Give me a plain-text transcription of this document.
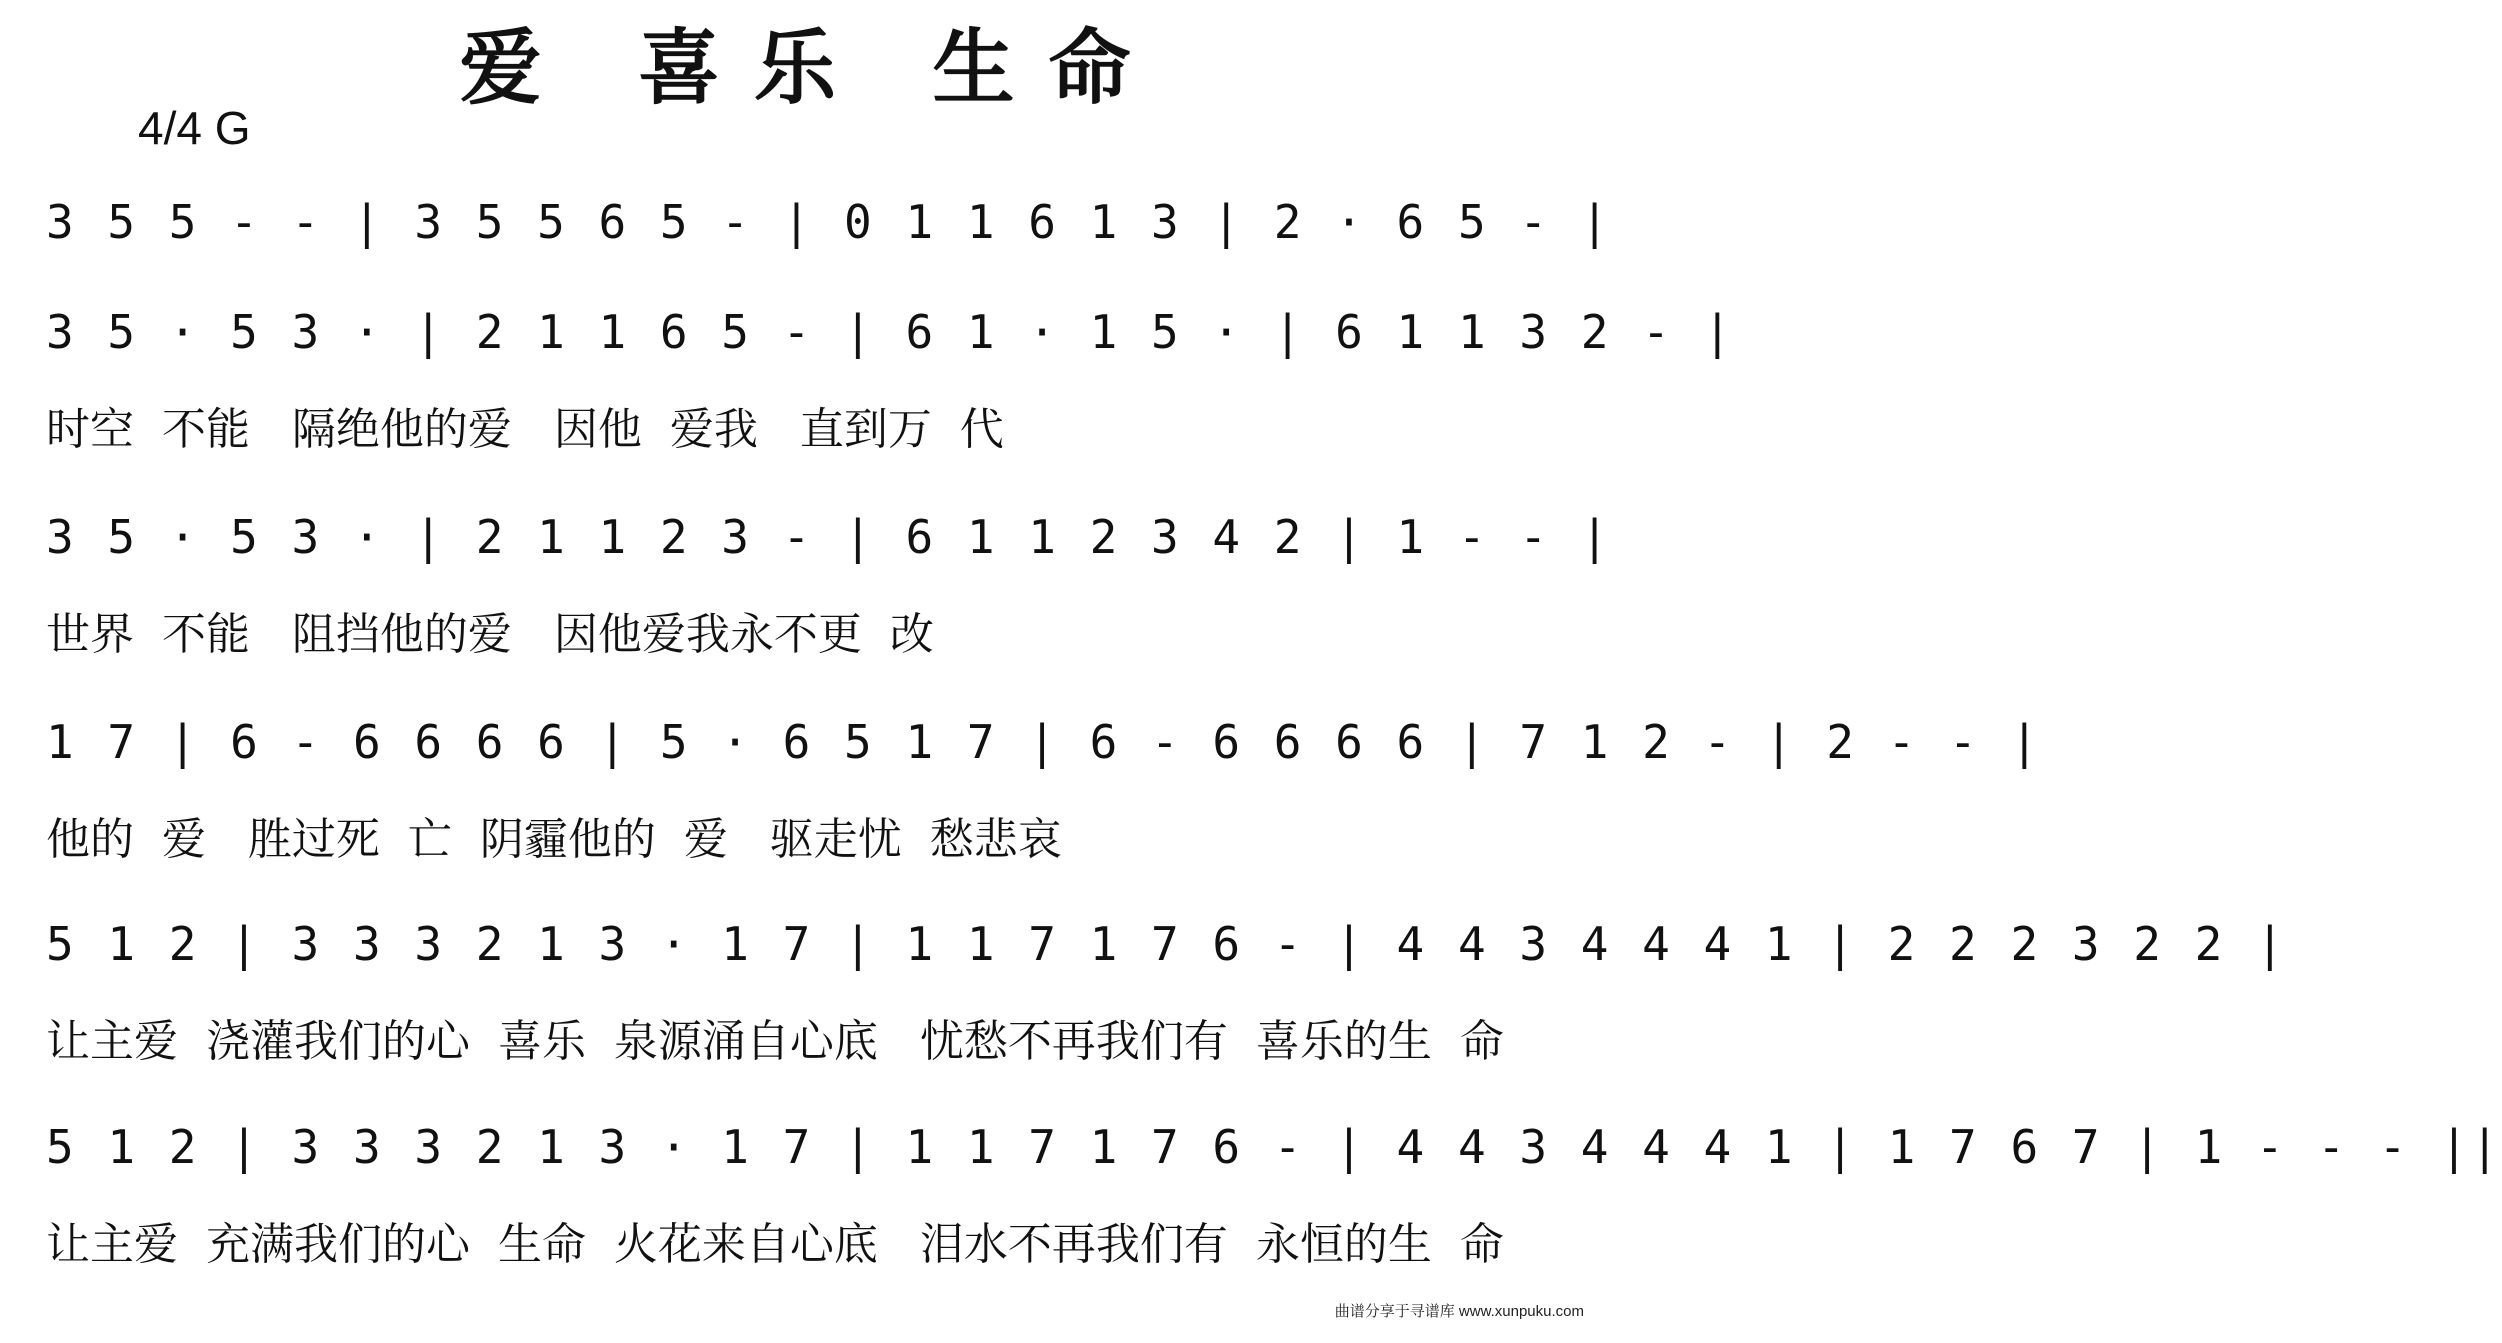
爱 喜乐 生命
4/4 G
3 5 5 - - | 3 5 5 6 5 - | 0 1 1 6 1 3 | 2 · 6 5 - |
3 5 · 5 3 · | 2 1 1 6 5 - | 6 1 · 1 5 · | 6 1 1 3 2 - |
时空  不能   隔绝他的爱   因他  爱我   直到万  代
3 5 · 5 3 · | 2 1 1 2 3 - | 6 1 1 2 3 4 2 | 1 - - |
世界  不能   阻挡他的爱   因他爱我永不更  改
1 7 | 6 - 6 6 6 6 | 5 · 6 5 1 7 | 6 - 6 6 6 6 | 7 1 2 - | 2 - - |
他的  爱   胜过死  亡  阴霾他的  爱   驱走忧  愁悲哀
5 1 2 | 3 3 3 2 1 3 · 1 7 | 1 1 7 1 7 6 - | 4 4 3 4 4 4 1 | 2 2 2 3 2 2 |
让主爱  浇灌我们的心  喜乐  泉源涌自心底   忧愁不再我们有  喜乐的生  命
5 1 2 | 3 3 3 2 1 3 · 1 7 | 1 1 7 1 7 6 - | 4 4 3 4 4 4 1 | 1 7 6 7 | 1 - - - ||
让主爱  充满我们的心  生命  火花来自心底   泪水不再我们有  永恒的生  命
曲谱分享于寻谱库 www.xunpuku.com
